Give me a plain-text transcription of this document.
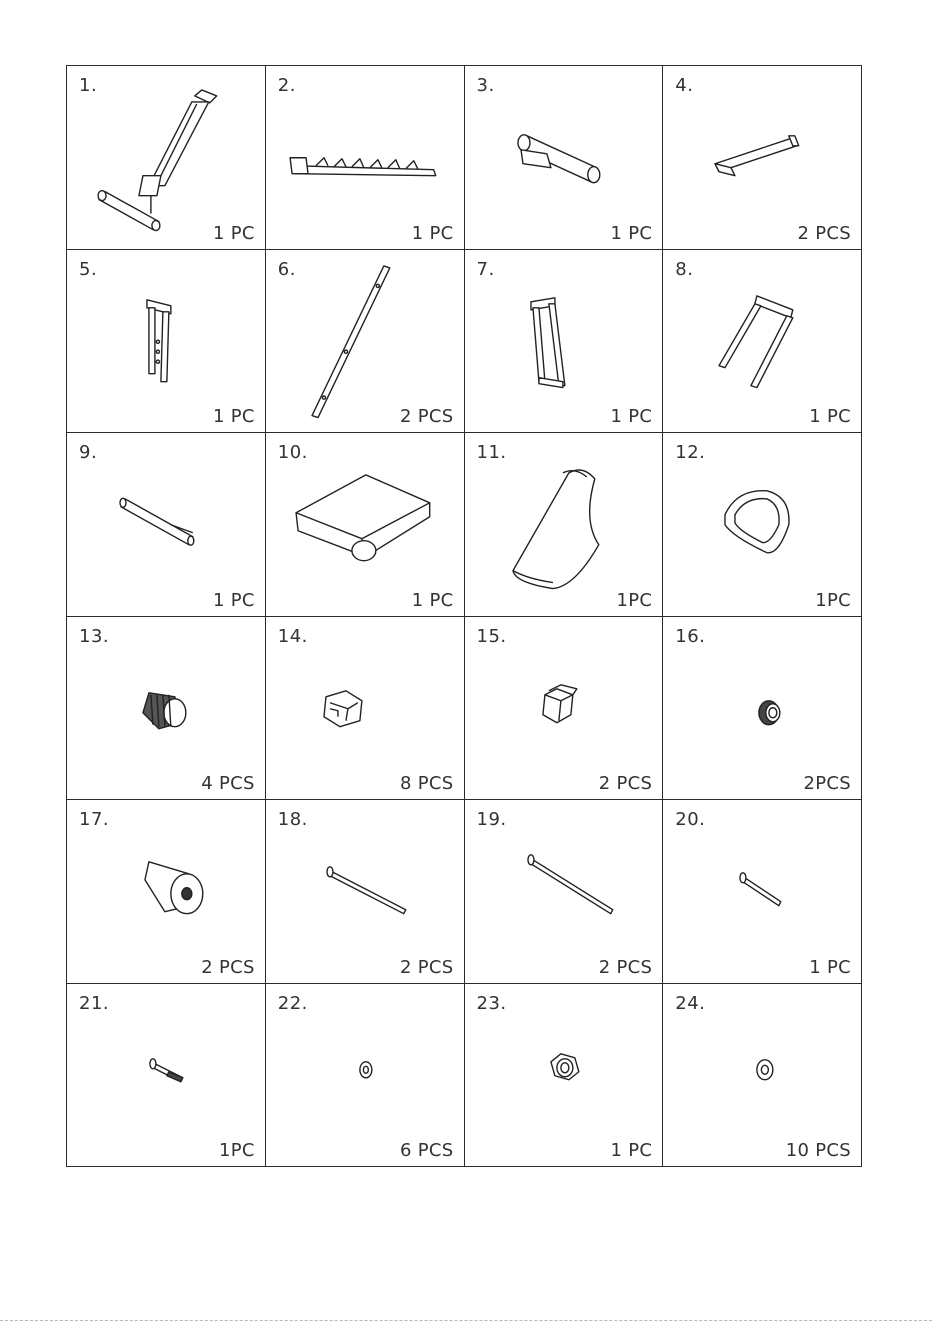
1.
1 PC
2.
1 PC
3.
1 PC
4.
2 PCS
5.
1 PC
6.
2 PCS
7.
1 PC
8.
1 PC
9.
1 PC
10.
1 PC
11.
1PC
12.
1PC
13.
4 PCS
14.
8 PCS
15.
2 PCS
16.
2PCS
17.
2 PCS
18.
2 PCS
19.
2 PCS
20.
1 PC
21.
1PC
22.
6 PCS
23.
1 PC
24.
10 PCS
